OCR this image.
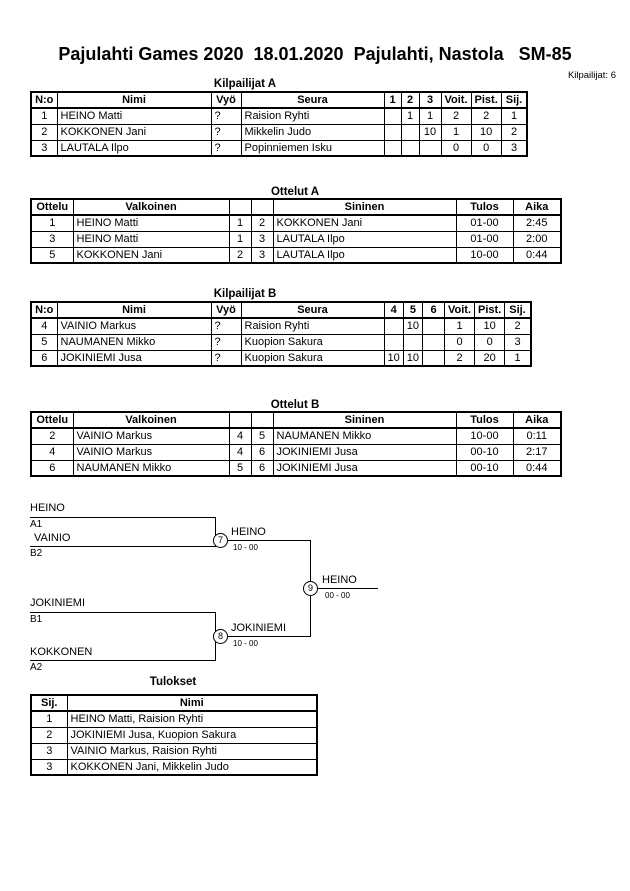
Pajulahti Games 2020  18.01.2020  Pajulahti, Nastola   SM-85
Kilpailijat: 6
Kilpailijat A
N:o	Nimi	Vyö	Seura	1	2	3	Voit.	Pist.	Sij.
1	HEINO Matti	?	Raision Ryhti		1	1	2	2	1
2	KOKKONEN Jani	?	Mikkelin Judo			10	1	10	2
3	LAUTALA Ilpo	?	Popinniemen Isku				0	0	3
Ottelut A
Ottelu	Valkoinen			Sininen	Tulos	Aika
1	HEINO Matti	1	2	KOKKONEN Jani	01-00	2:45
3	HEINO Matti	1	3	LAUTALA Ilpo	01-00	2:00
5	KOKKONEN Jani	2	3	LAUTALA Ilpo	10-00	0:44
Kilpailijat B
N:o	Nimi	Vyö	Seura	4	5	6	Voit.	Pist.	Sij.
4	VAINIO Markus	?	Raision Ryhti		10		1	10	2
5	NAUMANEN Mikko	?	Kuopion Sakura				0	0	3
6	JOKINIEMI Jusa	?	Kuopion Sakura	10	10		2	20	1
Ottelut B
Ottelu	Valkoinen			Sininen	Tulos	Aika
2	VAINIO Markus	4	5	NAUMANEN Mikko	10-00	0:11
4	VAINIO Markus	4	6	JOKINIEMI Jusa	00-10	2:17
6	NAUMANEN Mikko	5	6	JOKINIEMI Jusa	00-10	0:44
HEINO
A1
VAINIO
B2
HEINO
10 - 00
JOKINIEMI
B1
KOKKONEN
A2
JOKINIEMI
10 - 00
HEINO
00 - 00
7
8
9
Tulokset
Sij.	Nimi
1	HEINO Matti, Raision Ryhti
2	JOKINIEMI Jusa, Kuopion Sakura
3	VAINIO Markus, Raision Ryhti
3	KOKKONEN Jani, Mikkelin Judo
